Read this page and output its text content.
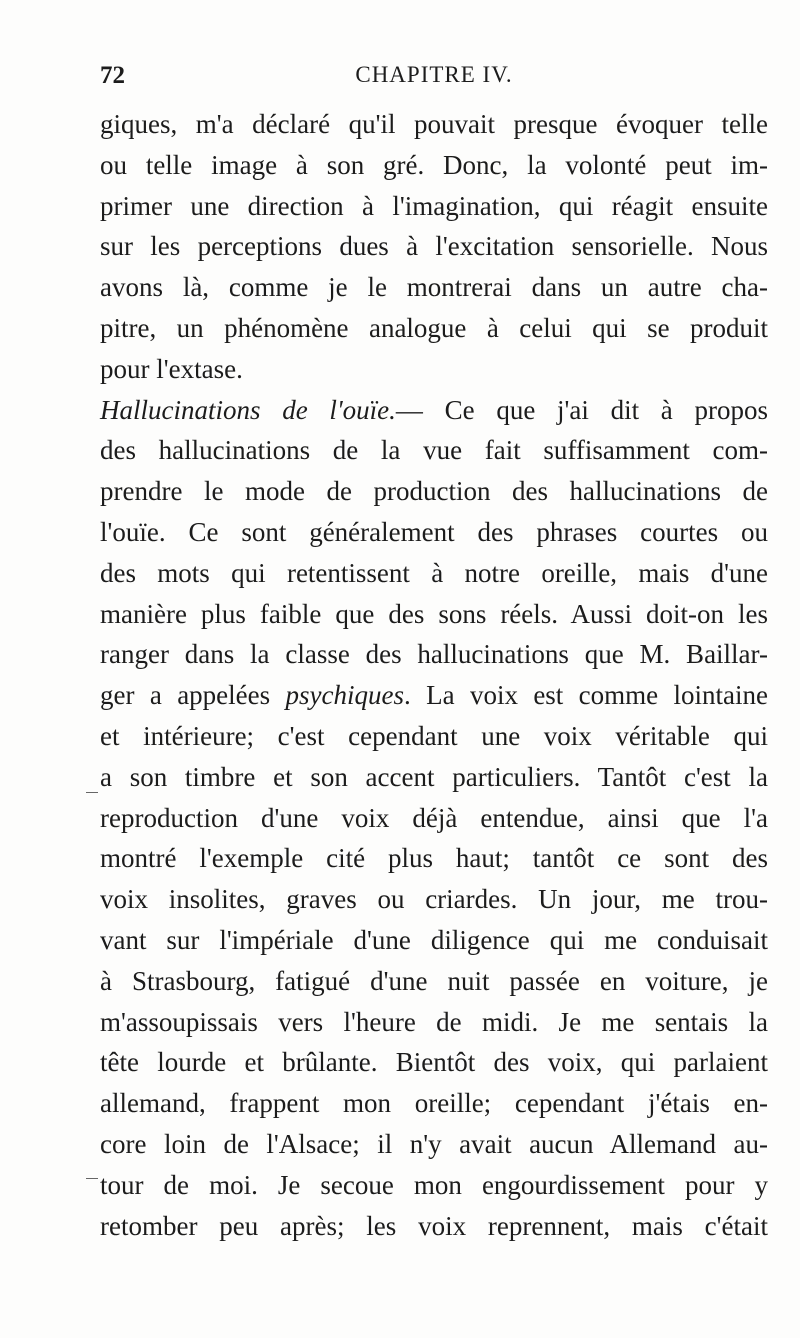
72	CHAPITRE IV.
giques, m'a déclaré qu'il pouvait presque évoquer telle
ou telle image à son gré. Donc, la volonté peut im-
primer une direction à l'imagination, qui réagit ensuite
sur les perceptions dues à l'excitation sensorielle. Nous
avons là, comme je le montrerai dans un autre cha-
pitre, un phénomène analogue à celui qui se produit
pour l'extase.
Hallucinations de l'ouïe.— Ce que j'ai dit à propos
des hallucinations de la vue fait suffisamment com-
prendre le mode de production des hallucinations de
l'ouïe. Ce sont généralement des phrases courtes ou
des mots qui retentissent à notre oreille, mais d'une
manière plus faible que des sons réels. Aussi doit-on les
ranger dans la classe des hallucinations que M. Baillar-
ger a appelées psychiques. La voix est comme lointaine
et intérieure; c'est cependant une voix véritable qui
a son timbre et son accent particuliers. Tantôt c'est la
reproduction d'une voix déjà entendue, ainsi que l'a
montré l'exemple cité plus haut; tantôt ce sont des
voix insolites, graves ou criardes. Un jour, me trou-
vant sur l'impériale d'une diligence qui me conduisait
à Strasbourg, fatigué d'une nuit passée en voiture, je
m'assoupissais vers l'heure de midi. Je me sentais la
tête lourde et brûlante. Bientôt des voix, qui parlaient
allemand, frappent mon oreille; cependant j'étais en-
core loin de l'Alsace; il n'y avait aucun Allemand au-
tour de moi. Je secoue mon engourdissement pour y
retomber peu après; les voix reprennent, mais c'était
